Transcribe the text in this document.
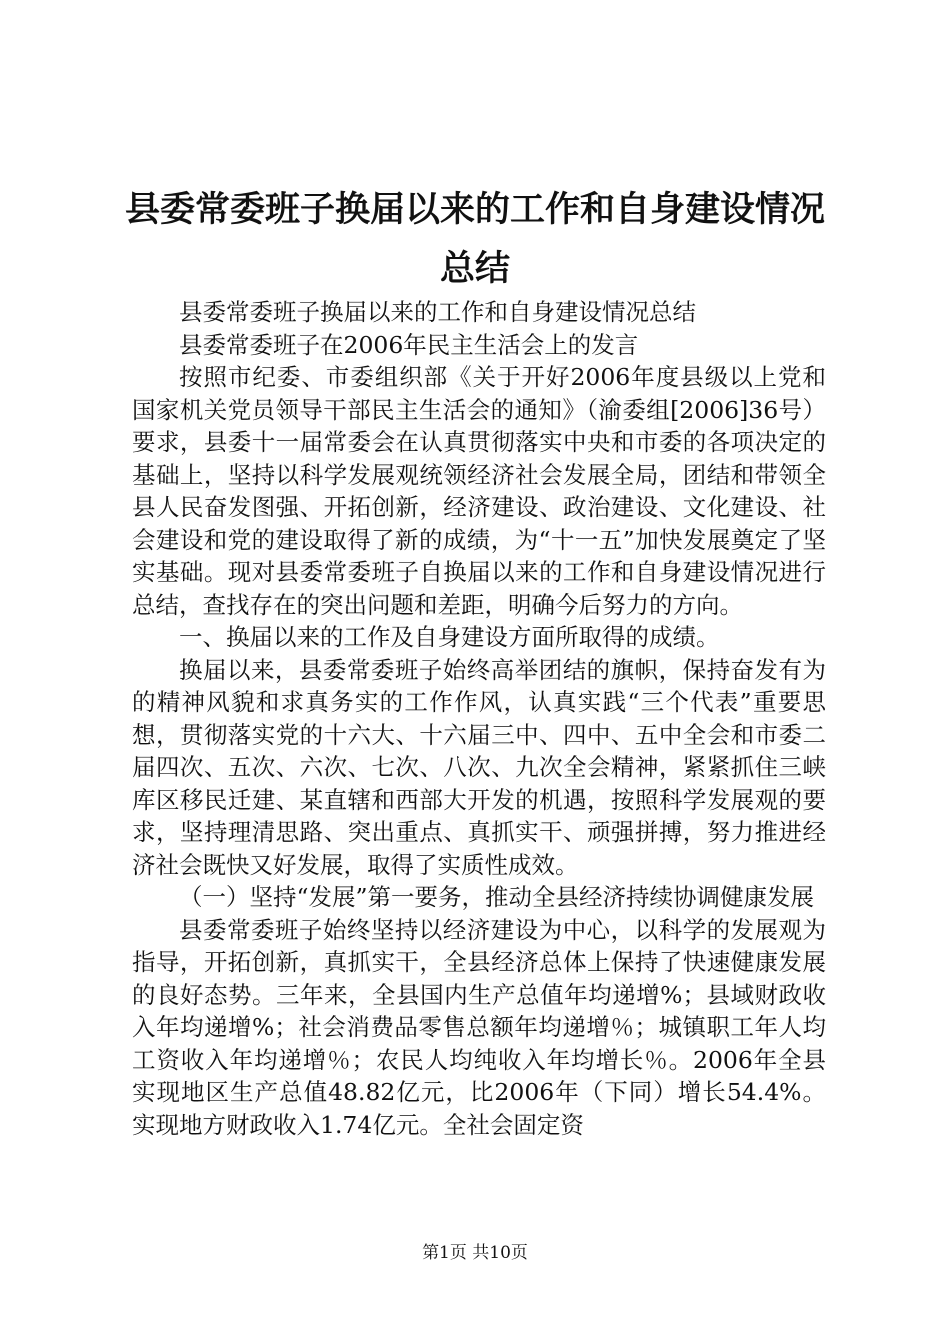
县委常委班子换届以来的工作和自身建设情况
总结

县委常委班子换届以来的工作和自身建设情况总结

县委常委班子在2006年民主生活会上的发言

按照市纪委、市委组织部《关于开好2006年度县级以上党和国家机关党员领导干部民主生活会的通知》（渝委组[2006]36号）要求，县委十一届常委会在认真贯彻落实中央和市委的各项决定的基础上，坚持以科学发展观统领经济社会发展全局，团结和带领全县人民奋发图强、开拓创新，经济建设、政治建设、文化建设、社会建设和党的建设取得了新的成绩，为“十一五”加快发展奠定了坚实基础。现对县委常委班子自换届以来的工作和自身建设情况进行总结，查找存在的突出问题和差距，明确今后努力的方向。

一、换届以来的工作及自身建设方面所取得的成绩。

换届以来，县委常委班子始终高举团结的旗帜，保持奋发有为的精神风貌和求真务实的工作作风，认真实践“三个代表”重要思想，贯彻落实党的十六大、十六届三中、四中、五中全会和市委二届四次、五次、六次、七次、八次、九次全会精神，紧紧抓住三峡库区移民迁建、某直辖和西部大开发的机遇，按照科学发展观的要求，坚持理清思路、突出重点、真抓实干、顽强拼搏，努力推进经济社会既快又好发展，取得了实质性成效。

（一）坚持“发展”第一要务，推动全县经济持续协调健康发展

县委常委班子始终坚持以经济建设为中心，以科学的发展观为指导，开拓创新，真抓实干，全县经济总体上保持了快速健康发展的良好态势。三年来，全县国内生产总值年均递增%；县域财政收入年均递增%；社会消费品零售总额年均递增％；城镇职工年人均工资收入年均递增％；农民人均纯收入年均增长％。2006年全县实现地区生产总值48.82亿元，比2006年（下同）增长54.4%。实现地方财政收入1.74亿元。全社会固定资

第1页 共10页
